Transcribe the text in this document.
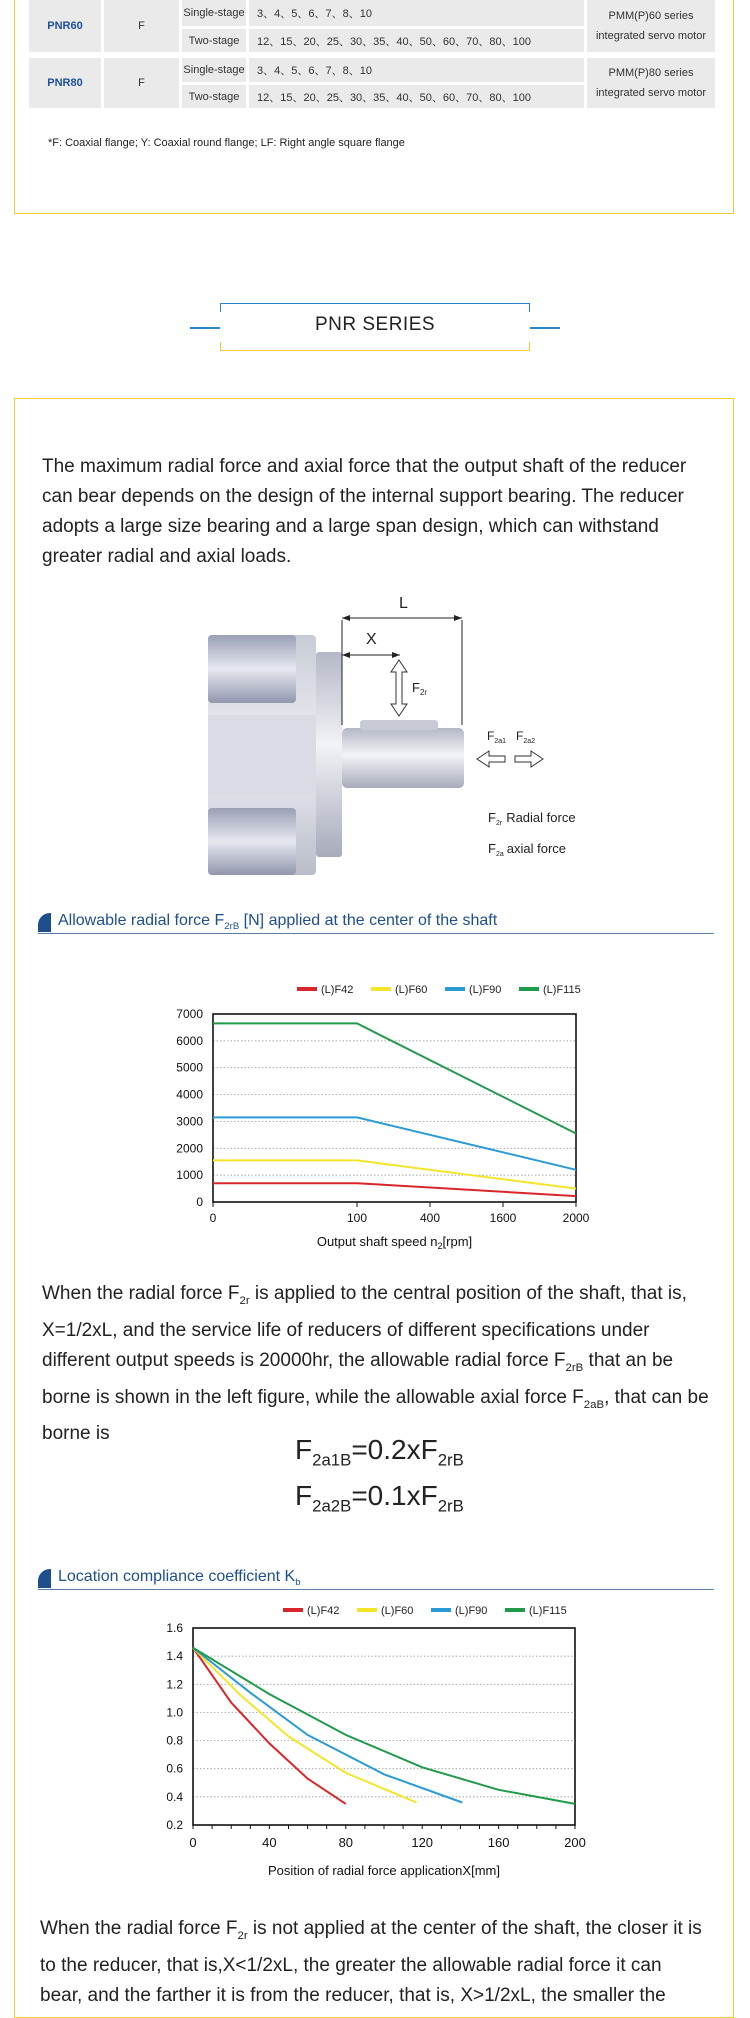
PNR60	F
Single-stage	3、4、5、6、7、8、10
Two-stage	12、15、20、25、30、35、40、50、60、70、80、100
PMM(P)60 series
integrated servo motor
PNR80	F
Single-stage	3、4、5、6、7、8、10
Two-stage	12、15、20、25、30、35、40、50、60、70、80、100
PMM(P)80 series
integrated servo motor
*F: Coaxial flange; Y: Coaxial round flange; LF: Right angle square flange
PNR SERIES
The maximum radial force and axial force that the output shaft of the reducer can bear depends on the design of the internal support bearing. The reducer adopts a large size bearing and a large span design, which can withstand greater radial and axial loads.
L
X
$F_{2r}$
$F_{2a1}$ $F_{2a2}$
$F_{2r}$ Radial force
$F_{2a}$ axial force
Allowable radial force $F_{2rB}$ [N] applied at the center of the shaft
(L)F42	(L)F60	(L)F90	(L)F115
0
1000
2000
3000
4000
5000
6000
7000
0	100	400	1600	2000
Output shaft speed $n_2[rpm]$
When the radial force $F_{2r}$ is applied to the central position of the shaft, that is, X=1/2xL, and the service life of reducers of different specifications under different output speeds is 20000hr, the allowable radial force $F_{2rB}$ that an be borne is shown in the left figure, while the allowable axial force $F_{2aB}$, that can be borne is
$F_{2a1B}=0.2xF_{2rB}$
$F_{2a2B}=0.1xF_{2rB}$
Location compliance coefficient $K_b$
(L)F42	(L)F60	(L)F90	(L)F115
0.2
0.4
0.6
0.8
1.0
1.2
1.4
1.6
0	40	80	120	160	200
Position of radial force applicationX[mm]
When the radial force $F_{2r}$ is not applied at the center of the shaft, the closer it is to the reducer, that is,X<1/2xL, the greater the allowable radial force it can bear, and the farther it is from the reducer, that is, X>1/2xL, the smaller the
